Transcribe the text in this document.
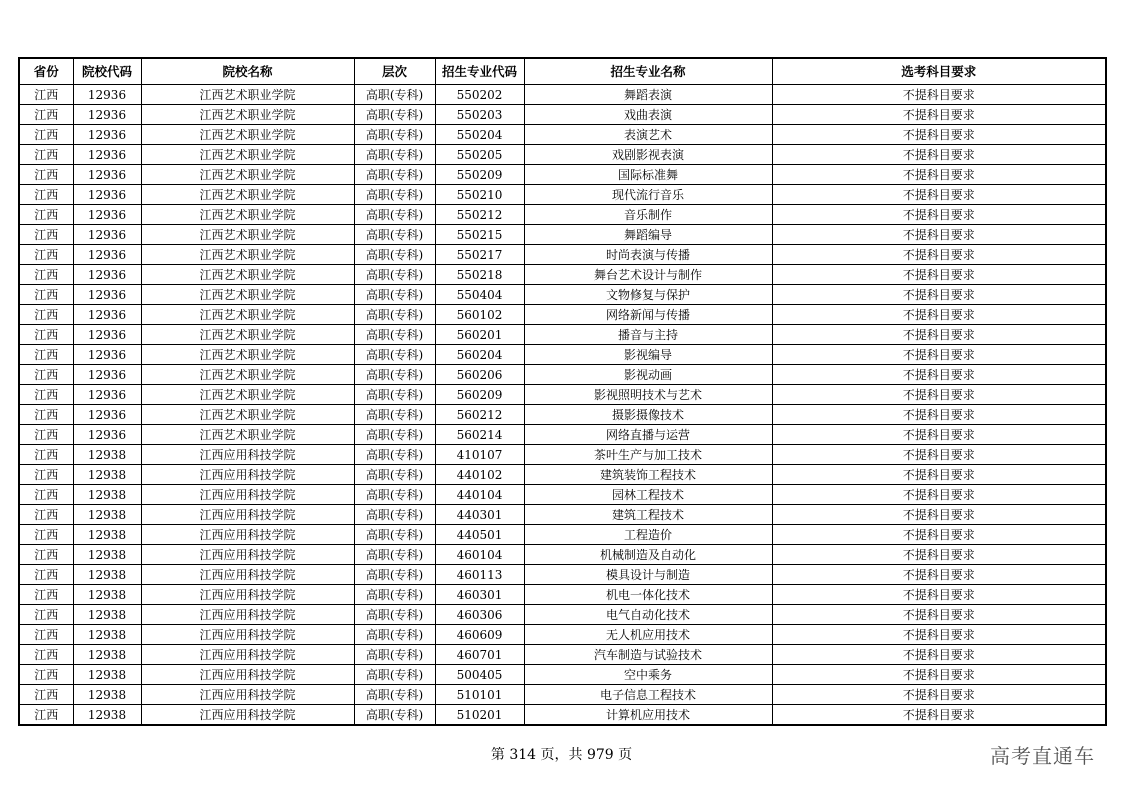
省份	院校代码	院校名称	层次	招生专业代码	招生专业名称	选考科目要求
江西	12936	江西艺术职业学院	高职(专科)	550202	舞蹈表演	不提科目要求
江西	12936	江西艺术职业学院	高职(专科)	550203	戏曲表演	不提科目要求
江西	12936	江西艺术职业学院	高职(专科)	550204	表演艺术	不提科目要求
江西	12936	江西艺术职业学院	高职(专科)	550205	戏剧影视表演	不提科目要求
江西	12936	江西艺术职业学院	高职(专科)	550209	国际标准舞	不提科目要求
江西	12936	江西艺术职业学院	高职(专科)	550210	现代流行音乐	不提科目要求
江西	12936	江西艺术职业学院	高职(专科)	550212	音乐制作	不提科目要求
江西	12936	江西艺术职业学院	高职(专科)	550215	舞蹈编导	不提科目要求
江西	12936	江西艺术职业学院	高职(专科)	550217	时尚表演与传播	不提科目要求
江西	12936	江西艺术职业学院	高职(专科)	550218	舞台艺术设计与制作	不提科目要求
江西	12936	江西艺术职业学院	高职(专科)	550404	文物修复与保护	不提科目要求
江西	12936	江西艺术职业学院	高职(专科)	560102	网络新闻与传播	不提科目要求
江西	12936	江西艺术职业学院	高职(专科)	560201	播音与主持	不提科目要求
江西	12936	江西艺术职业学院	高职(专科)	560204	影视编导	不提科目要求
江西	12936	江西艺术职业学院	高职(专科)	560206	影视动画	不提科目要求
江西	12936	江西艺术职业学院	高职(专科)	560209	影视照明技术与艺术	不提科目要求
江西	12936	江西艺术职业学院	高职(专科)	560212	摄影摄像技术	不提科目要求
江西	12936	江西艺术职业学院	高职(专科)	560214	网络直播与运营	不提科目要求
江西	12938	江西应用科技学院	高职(专科)	410107	茶叶生产与加工技术	不提科目要求
江西	12938	江西应用科技学院	高职(专科)	440102	建筑装饰工程技术	不提科目要求
江西	12938	江西应用科技学院	高职(专科)	440104	园林工程技术	不提科目要求
江西	12938	江西应用科技学院	高职(专科)	440301	建筑工程技术	不提科目要求
江西	12938	江西应用科技学院	高职(专科)	440501	工程造价	不提科目要求
江西	12938	江西应用科技学院	高职(专科)	460104	机械制造及自动化	不提科目要求
江西	12938	江西应用科技学院	高职(专科)	460113	模具设计与制造	不提科目要求
江西	12938	江西应用科技学院	高职(专科)	460301	机电一体化技术	不提科目要求
江西	12938	江西应用科技学院	高职(专科)	460306	电气自动化技术	不提科目要求
江西	12938	江西应用科技学院	高职(专科)	460609	无人机应用技术	不提科目要求
江西	12938	江西应用科技学院	高职(专科)	460701	汽车制造与试验技术	不提科目要求
江西	12938	江西应用科技学院	高职(专科)	500405	空中乘务	不提科目要求
江西	12938	江西应用科技学院	高职(专科)	510101	电子信息工程技术	不提科目要求
江西	12938	江西应用科技学院	高职(专科)	510201	计算机应用技术	不提科目要求
第 314 页，共 979 页	高考直通车
